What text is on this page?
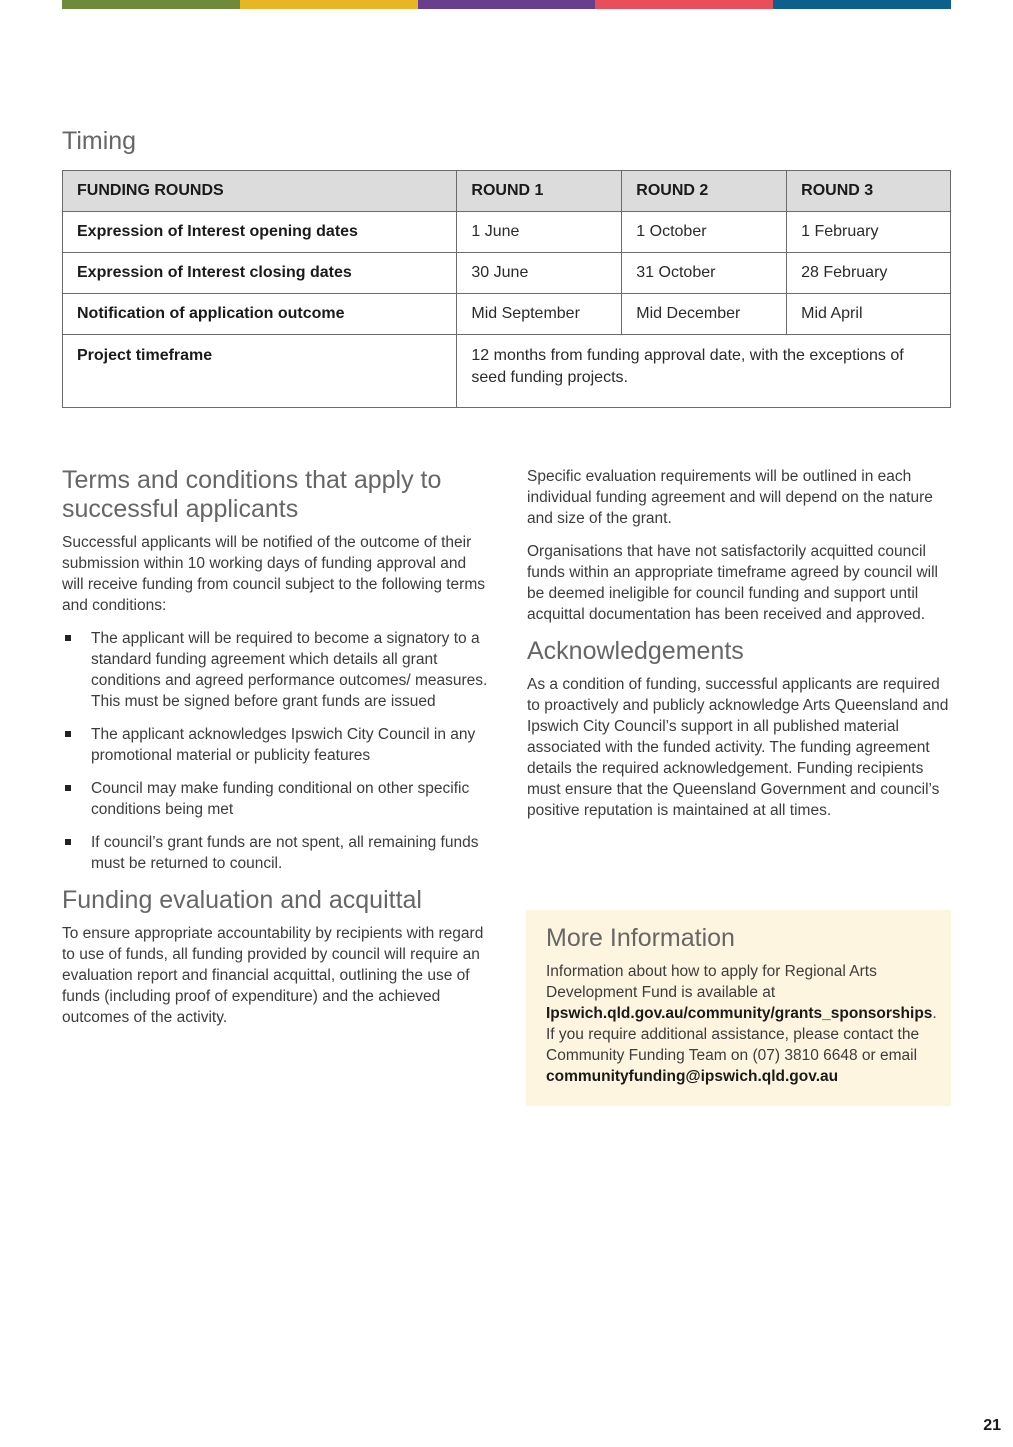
Timing
FUNDING ROUNDS	ROUND 1	ROUND 2	ROUND 3
Expression of Interest opening dates	1 June	1 October	1 February
Expression of Interest closing dates	30 June	31 October	28 February
Notification of application outcome	Mid September	Mid December	Mid April
Project timeframe	12 months from funding approval date, with the exceptions of seed funding projects.		
Terms and conditions that apply to successful applicants

Successful applicants will be notified of the outcome of their submission within 10 working days of funding approval and will receive funding from council subject to the following terms and conditions:

The applicant will be required to become a signatory to a standard funding agreement which details all grant conditions and agreed performance outcomes/ measures. This must be signed before grant funds are issued
The applicant acknowledges Ipswich City Council in any promotional material or publicity features
Council may make funding conditional on other specific conditions being met
If council’s grant funds are not spent, all remaining funds must be returned to council.
Funding evaluation and acquittal

To ensure appropriate accountability by recipients with regard to use of funds, all funding provided by council will require an evaluation report and financial acquittal, outlining the use of funds (including proof of expenditure) and the achieved outcomes of the activity.

Specific evaluation requirements will be outlined in each individual funding agreement and will depend on the nature and size of the grant.

Organisations that have not satisfactorily acquitted council funds within an appropriate timeframe agreed by council will be deemed ineligible for council funding and support until acquittal documentation has been received and approved.

Acknowledgements

As a condition of funding, successful applicants are required to proactively and publicly acknowledge Arts Queensland and Ipswich City Council’s support in all published material associated with the funded activity. The funding agreement details the required acknowledgement. Funding recipients must ensure that the Queensland Government and council’s positive reputation is maintained at all times.

More Information

Information about how to apply for Regional Arts Development Fund is available at Ipswich.qld.gov.au/community/grants_sponsorships. If you require additional assistance, please contact the Community Funding Team on (07) 3810 6648 or email communityfunding@ipswich.qld.gov.au

21
